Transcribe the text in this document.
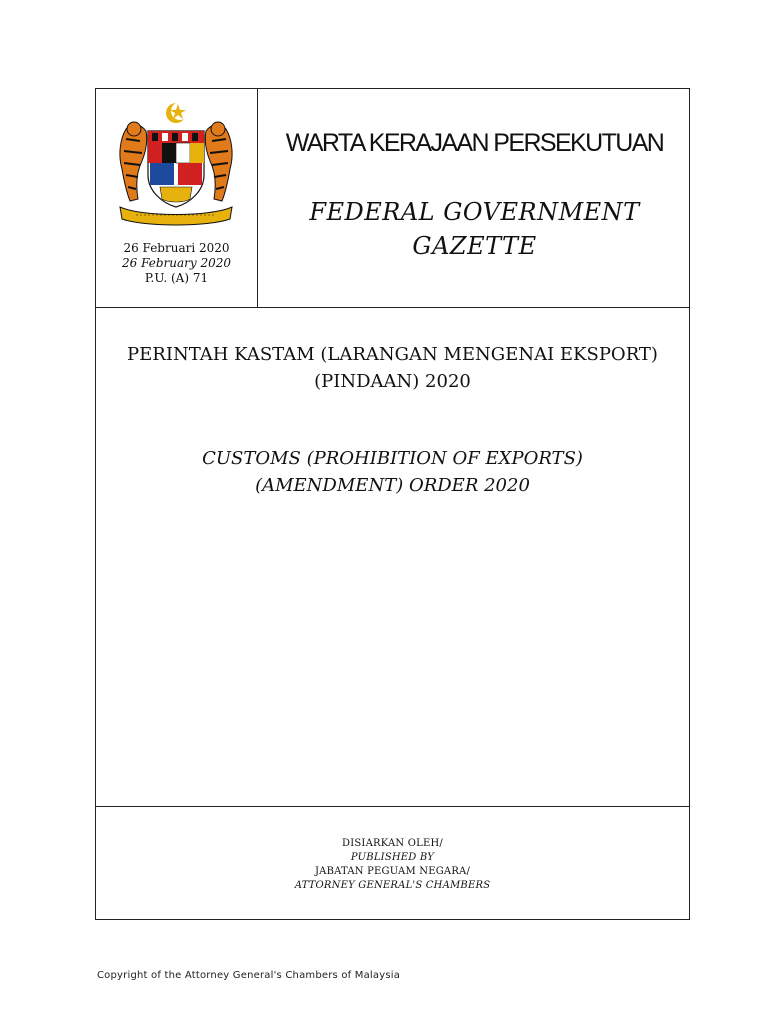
26 Februari 2020
26 February 2020
P.U. (A) 71
WARTA KERAJAAN PERSEKUTUAN
FEDERAL GOVERNMENT
GAZETTE
PERINTAH KASTAM (LARANGAN MENGENAI EKSPORT)
(PINDAAN) 2020
CUSTOMS (PROHIBITION OF EXPORTS)
(AMENDMENT) ORDER 2020
DISIARKAN OLEH/
PUBLISHED BY
JABATAN PEGUAM NEGARA/
ATTORNEY GENERAL'S CHAMBERS
Copyright of the Attorney General's Chambers of Malaysia
